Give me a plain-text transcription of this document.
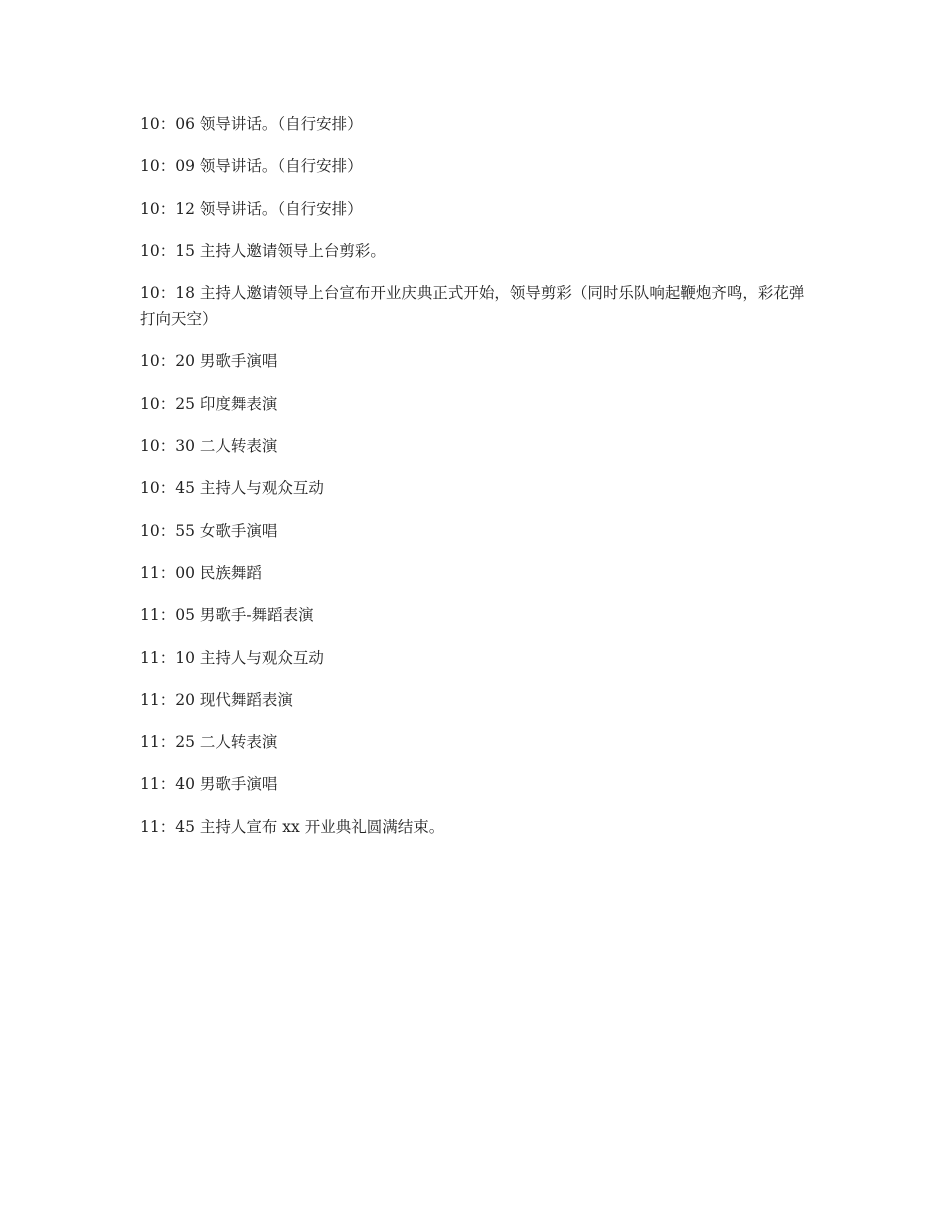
10：06 领导讲话。（自行安排）

10：09 领导讲话。（自行安排）

10：12 领导讲话。（自行安排）

10：15 主持人邀请领导上台剪彩。

10：18 主持人邀请领导上台宣布开业庆典正式开始，领导剪彩（同时乐队响起鞭炮齐鸣，彩花弹打向天空）

10：20 男歌手演唱

10：25 印度舞表演

10：30 二人转表演

10：45 主持人与观众互动

10：55 女歌手演唱

11：00 民族舞蹈

11：05 男歌手-舞蹈表演

11：10 主持人与观众互动

11：20 现代舞蹈表演

11：25 二人转表演

11：40 男歌手演唱

11：45 主持人宣布 xx 开业典礼圆满结束。
